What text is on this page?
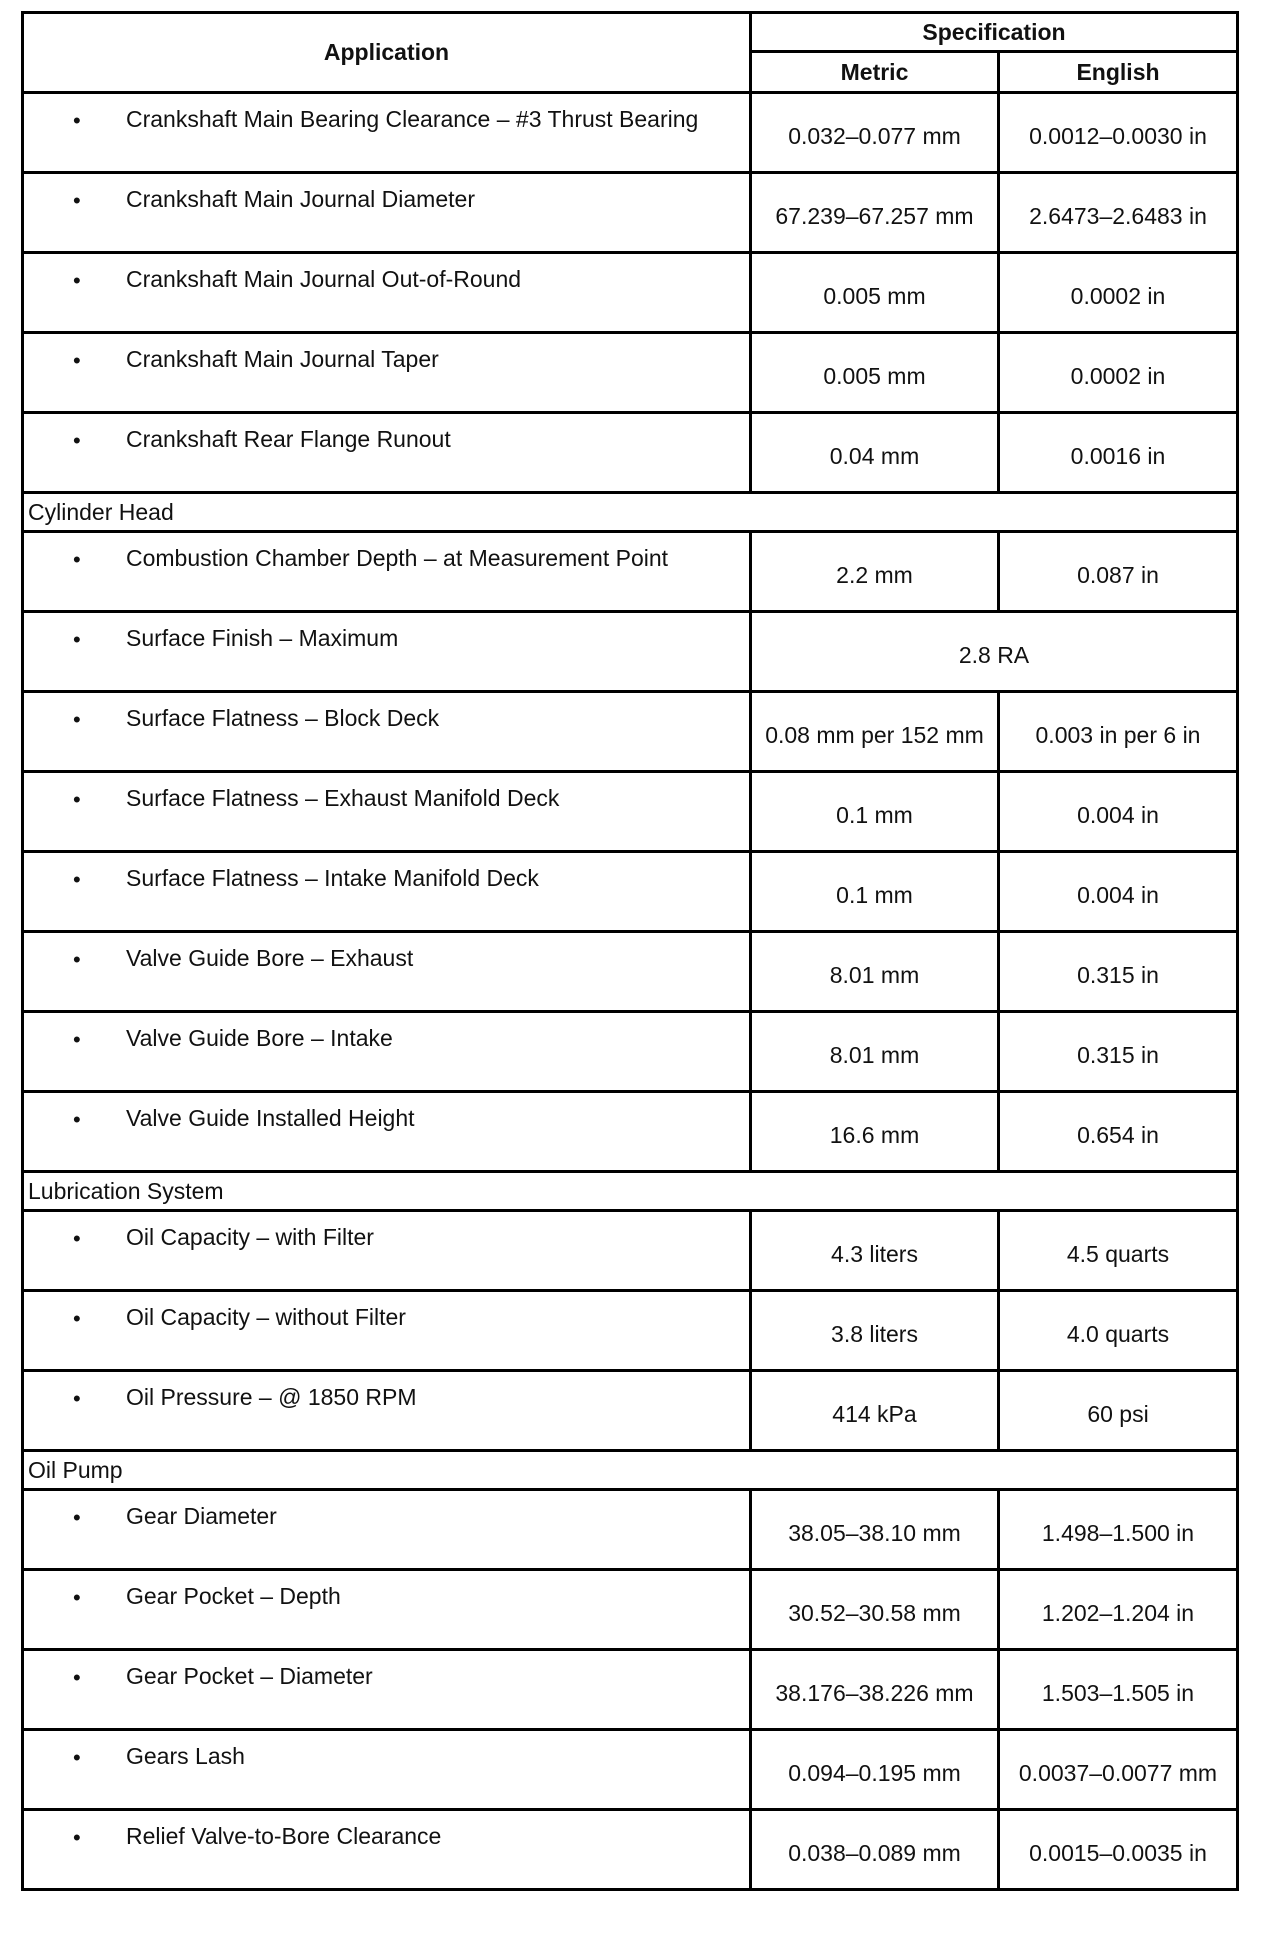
Application	Specification	
	Metric	English

• Crankshaft Main Bearing Clearance – #3 Thrust Bearing	0.032–0.077 mm	0.0012–0.0030 in

• Crankshaft Main Journal Diameter	67.239–67.257 mm	2.6473–2.6483 in

• Crankshaft Main Journal Out-of-Round	0.005 mm	0.0002 in

• Crankshaft Main Journal Taper	0.005 mm	0.0002 in

• Crankshaft Rear Flange Runout	0.04 mm	0.0016 in
Cylinder Head		

• Combustion Chamber Depth – at Measurement Point	2.2 mm	0.087 in

• Surface Finish – Maximum	2.8 RA	

• Surface Flatness – Block Deck	0.08 mm per 152 mm	0.003 in per 6 in

• Surface Flatness – Exhaust Manifold Deck	0.1 mm	0.004 in

• Surface Flatness – Intake Manifold Deck	0.1 mm	0.004 in

• Valve Guide Bore – Exhaust	8.01 mm	0.315 in

• Valve Guide Bore – Intake	8.01 mm	0.315 in

• Valve Guide Installed Height	16.6 mm	0.654 in
Lubrication System		

• Oil Capacity – with Filter	4.3 liters	4.5 quarts

• Oil Capacity – without Filter	3.8 liters	4.0 quarts

• Oil Pressure – @ 1850 RPM	414 kPa	60 psi
Oil Pump		

• Gear Diameter	38.05–38.10 mm	1.498–1.500 in

• Gear Pocket – Depth	30.52–30.58 mm	1.202–1.204 in

• Gear Pocket – Diameter	38.176–38.226 mm	1.503–1.505 in

• Gears Lash	0.094–0.195 mm	0.0037–0.0077 mm

• Relief Valve-to-Bore Clearance	0.038–0.089 mm	0.0015–0.0035 in
